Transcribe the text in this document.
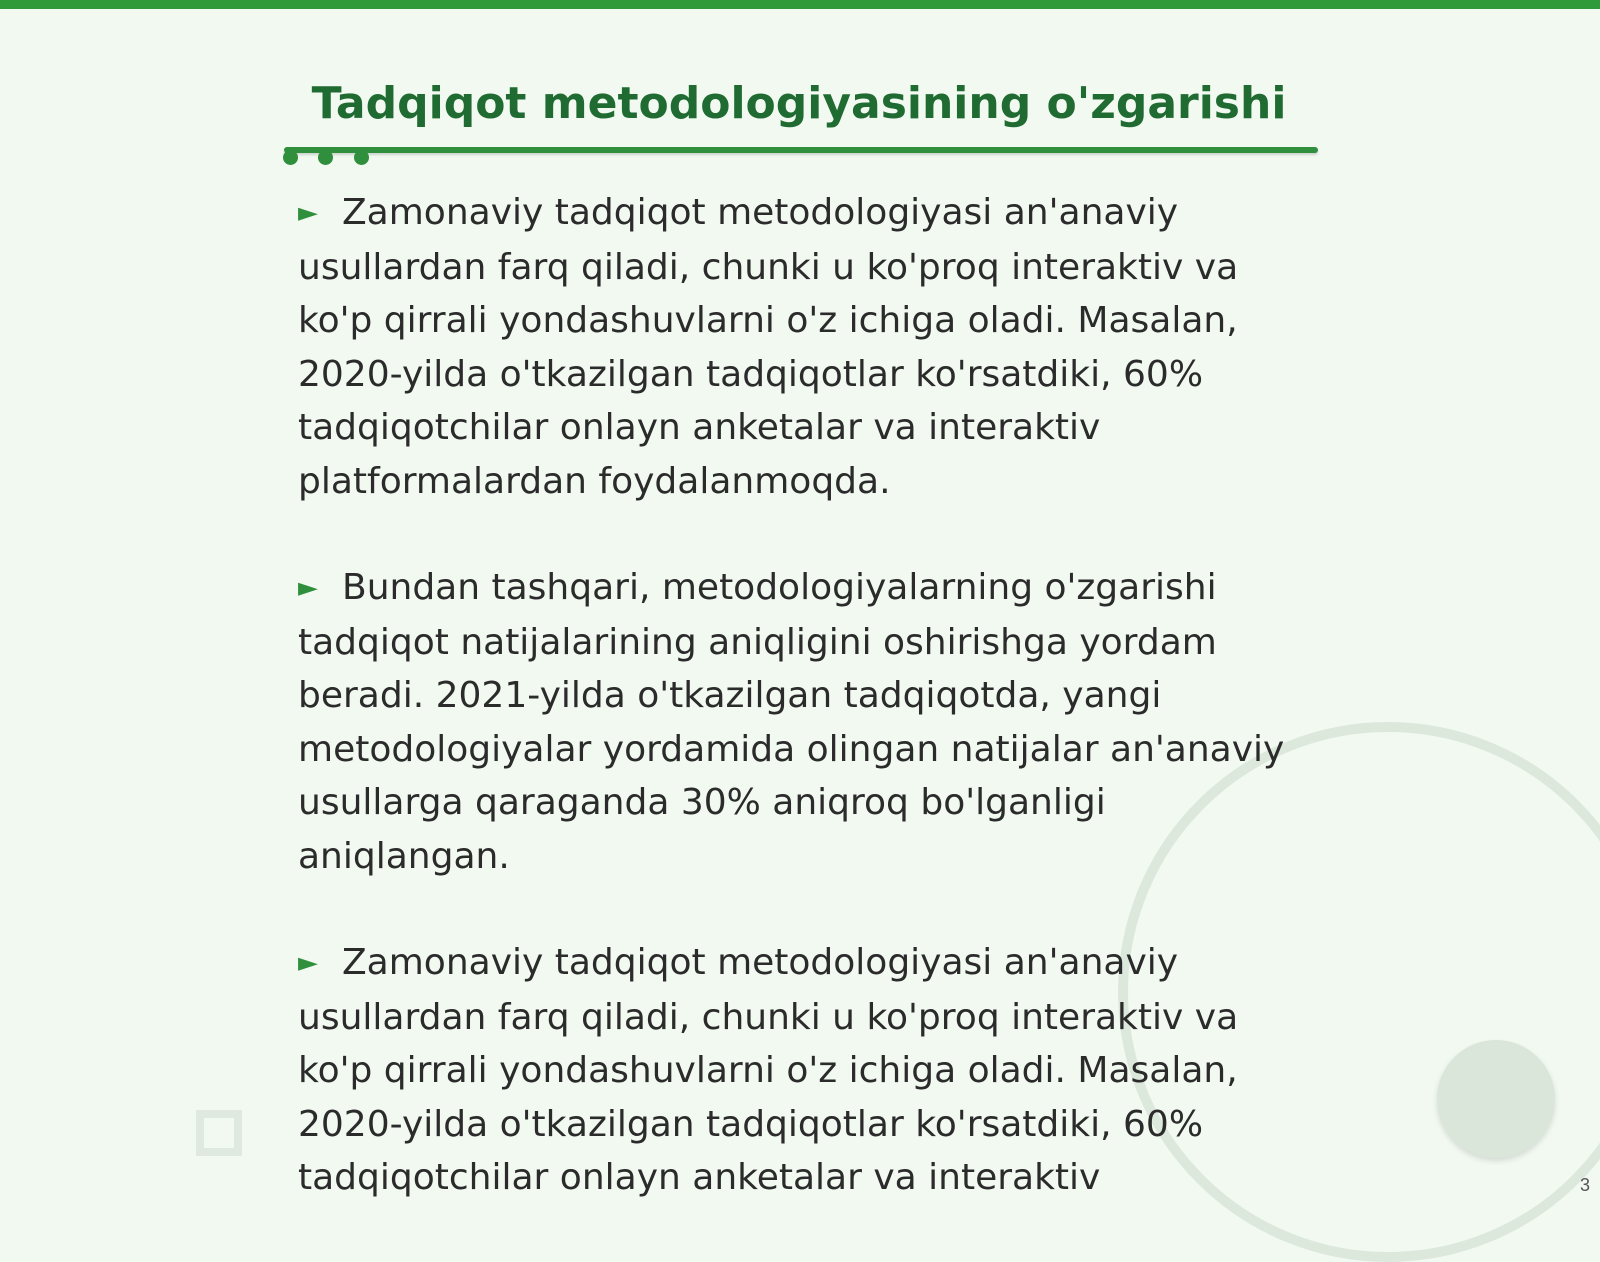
Tadqiqot metodologiyasining o'zgarishi

► Zamonaviy tadqiqot metodologiyasi an'anaviy usullardan farq qiladi, chunki u ko'proq interaktiv va ko'p qirrali yondashuvlarni o'z ichiga oladi. Masalan, 2020-yilda o'tkazilgan tadqiqotlar ko'rsatdiki, 60% tadqiqotchilar onlayn anketalar va interaktiv platformalardan foydalanmoqda.

► Bundan tashqari, metodologiyalarning o'zgarishi tadqiqot natijalarining aniqligini oshirishga yordam beradi. 2021-yilda o'tkazilgan tadqiqotda, yangi metodologiyalar yordamida olingan natijalar an'anaviy usullarga qaraganda 30% aniqroq bo'lganligi aniqlangan.

► Zamonaviy tadqiqot metodologiyasi an'anaviy usullardan farq qiladi, chunki u ko'proq interaktiv va ko'p qirrali yondashuvlarni o'z ichiga oladi. Masalan, 2020-yilda o'tkazilgan tadqiqotlar ko'rsatdiki, 60% tadqiqotchilar onlayn anketalar va interaktiv	3
